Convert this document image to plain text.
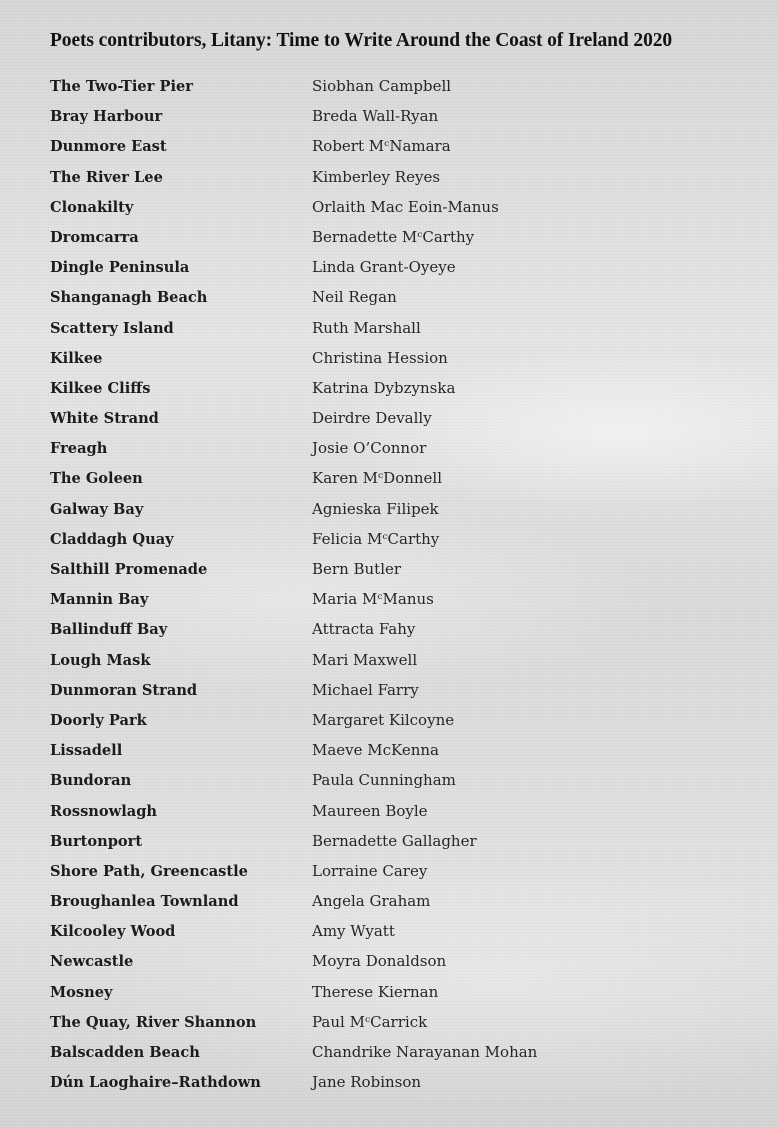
Poets contributors, Litany: Time to Write Around the Coast of Ireland 2020
The Two-Tier Pier	Siobhan Campbell
Bray Harbour	Breda Wall-Ryan
Dunmore East	Robert MᶜNamara
The River Lee	Kimberley Reyes
Clonakilty	Orlaith Mac Eoin-Manus
Dromcarra	Bernadette MᶜCarthy
Dingle Peninsula	Linda Grant-Oyeye
Shanganagh Beach	Neil Regan
Scattery Island	Ruth Marshall
Kilkee	Christina Hession
Kilkee Cliffs	Katrina Dybzynska
White Strand	Deirdre Devally
Freagh	Josie O’Connor
The Goleen	Karen MᶜDonnell
Galway Bay	Agnieska Filipek
Claddagh Quay	Felicia MᶜCarthy
Salthill Promenade	Bern Butler
Mannin Bay	Maria MᶜManus
Ballinduff Bay	Attracta Fahy
Lough Mask	Mari Maxwell
Dunmoran Strand	Michael Farry
Doorly Park	Margaret Kilcoyne
Lissadell	Maeve McKenna
Bundoran	Paula Cunningham
Rossnowlagh	Maureen Boyle
Burtonport	Bernadette Gallagher
Shore Path, Greencastle	Lorraine Carey
Broughanlea Townland	Angela Graham
Kilcooley Wood	Amy Wyatt
Newcastle	Moyra Donaldson
Mosney	Therese Kiernan
The Quay, River Shannon	Paul MᶜCarrick
Balscadden Beach	Chandrike Narayanan Mohan
Dún Laoghaire–Rathdown	Jane Robinson
